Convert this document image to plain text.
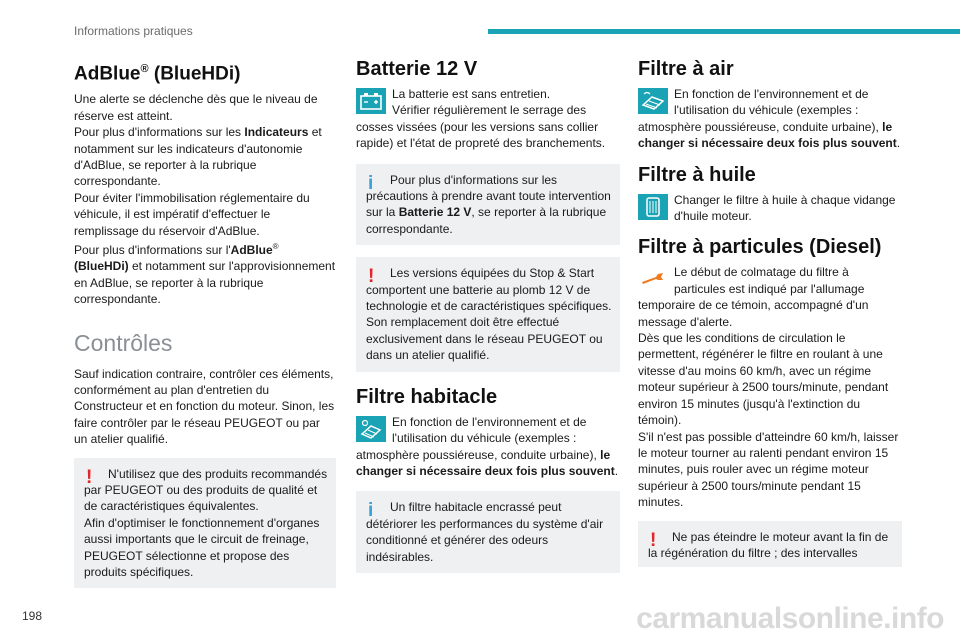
Informations pratiques
AdBlue® (BlueHDi)

Une alerte se déclenche dès que le niveau de réserve est atteint.

Pour plus d'informations sur les Indicateurs et notamment sur les indicateurs d'autonomie d'AdBlue, se reporter à la rubrique correspondante.

Pour éviter l'immobilisation réglementaire du véhicule, il est impératif d'effectuer le remplissage du réservoir d'AdBlue.

Pour plus d'informations sur l'AdBlue®
(BlueHDi) et notamment sur l'approvisionnement en AdBlue, se reporter à la rubrique correspondante.

Contrôles

Sauf indication contraire, contrôler ces éléments, conformément au plan d'entretien du Constructeur et en fonction du moteur. Sinon, les faire contrôler par le réseau PEUGEOT ou par un atelier qualifié.

!	N'utilisez que des produits recommandés par PEUGEOT ou des produits de qualité et de caractéristiques équivalentes.

Afin d'optimiser le fonctionnement d'organes aussi importants que le circuit de freinage, PEUGEOT sélectionne et propose des produits spécifiques.

Batterie 12 V

La batterie est sans entretien.

Vérifier régulièrement le serrage des cosses vissées (pour les versions sans collier rapide) et l'état de propreté des branchements.

i	Pour plus d'informations sur les précautions à prendre avant toute intervention sur la Batterie 12 V, se reporter à la rubrique correspondante.

!	Les versions équipées du Stop & Start comportent une batterie au plomb 12 V de technologie et de caractéristiques spécifiques.

Son remplacement doit être effectué exclusivement dans le réseau PEUGEOT ou dans un atelier qualifié.

Filtre habitacle

En fonction de l'environnement et de l'utilisation du véhicule (exemples : atmosphère poussiéreuse, conduite urbaine), le changer si nécessaire deux fois plus souvent.

i	Un filtre habitacle encrassé peut détériorer les performances du système d'air conditionné et générer des odeurs indésirables.

Filtre à air

En fonction de l'environnement et de l'utilisation du véhicule (exemples : atmosphère poussiéreuse, conduite urbaine), le changer si nécessaire deux fois plus souvent.

Filtre à huile

Changer le filtre à huile à chaque vidange d'huile moteur.

Filtre à particules (Diesel)

Le début de colmatage du filtre à particules est indiqué par l'allumage temporaire de ce témoin, accompagné d'un message d'alerte.

Dès que les conditions de circulation le permettent, régénérer le filtre en roulant à une vitesse d'au moins 60 km/h, avec un régime moteur supérieur à 2500 tours/minute, pendant environ 15 minutes (jusqu'à l'extinction du témoin).

S'il n'est pas possible d'atteindre 60 km/h, laisser le moteur tourner au ralenti pendant environ 15 minutes, puis rouler avec un régime moteur supérieur à 2500 tours/minute pendant 15 minutes.

!	Ne pas éteindre le moteur avant la fin de la régénération du filtre ; des intervalles

198	carmanualsonline.info
